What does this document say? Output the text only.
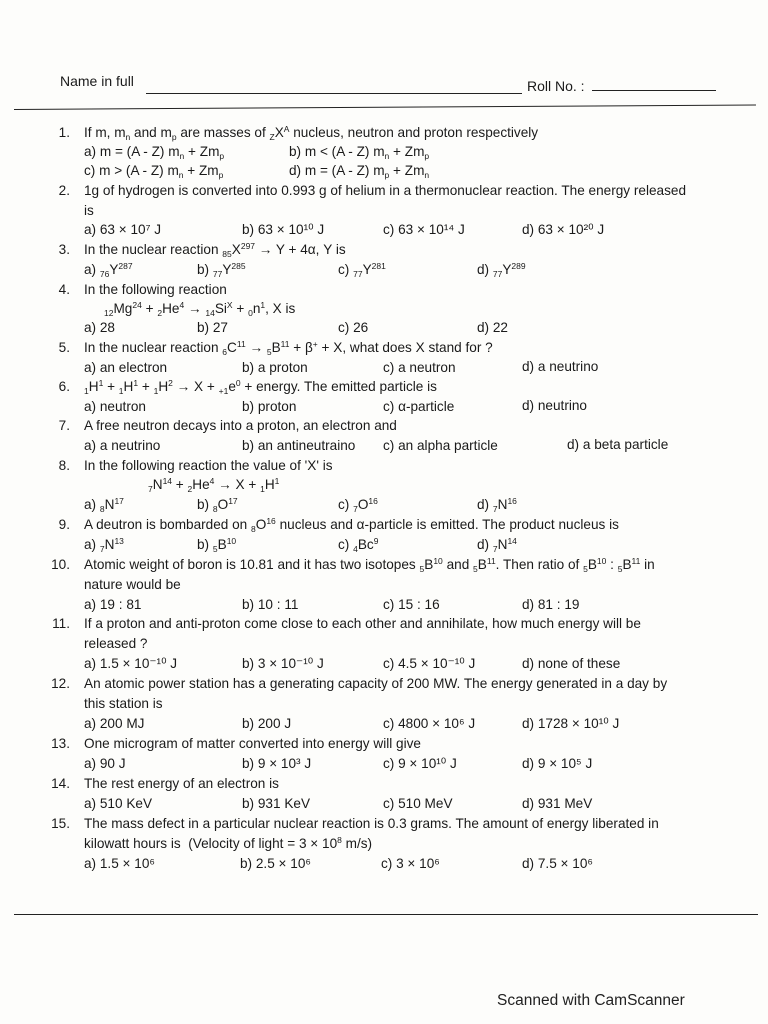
Name in full	Roll No. :
1. If m, $m_n$ and $m_p$ are masses of $_ZX^A$ nucleus, neutron and proton respectively
a) m = (A - Z) $m_n + Zm_p$	b) m < (A - Z) $m_n + Zm_p$
c) m > (A - Z) $m_n + Zm_p$	d) m = (A - Z) $m_p + Zm_n$
2. 1g of hydrogen is converted into 0.993 g of helium in a thermonuclear reaction. The energy released
is
a) 63 × 10⁷ J	b) 63 × 10¹⁰ J	c) 63 × 10¹⁴ J	d) 63 × 10²⁰ J
3. In the nuclear reaction $_{85}X^{297} \to Y + 4\alpha$, Y is
a) $_{76}Y^{287}$	b) $_{77}Y^{285}$	c) $_{77}Y^{281}$	d) $_{77}Y^{289}$
4. In the following reaction
$_{12}Mg^{24} + _2He^4 \to _{14}Si^X + _0n^1$, X is
a) 28	b) 27	c) 26	d) 22
5. In the nuclear reaction $_6C^{11} \to _5B^{11} + \beta^+ + X$, what does X stand for ?
a) an electron	b) a proton	c) a neutron	d) a neutrino
6. $_1H^1 + _1H^1 + _1H^2 \to X + _{+1}e^0$ + energy. The emitted particle is
a) neutron	b) proton	c) α-particle	d) neutrino
7. A free neutron decays into a proton, an electron and
a) a neutrino	b) an antineutraino c) an alpha particle	d) a beta particle
8. In the following reaction the value of 'X' is
$_7N^{14} + _2He^4 \to X + _1H^1$
a) $_8N^{17}$	b) $_8O^{17}$	c) $_7O^{16}$	d) $_7N^{16}$
9. A deutron is bombarded on $_8O^{16}$ nucleus and α-particle is emitted. The product nucleus is
a) $_7N^{13}$	b) $_5B^{10}$	c) $_4Bc^9$	d) $_7N^{14}$
10. Atomic weight of boron is 10.81 and it has two isotopes $_5B^{10}$ and $_5B^{11}$. Then ratio of $_5B^{10}$ : $_5B^{11}$ in
nature would be
a) 19 : 81	b) 10 : 11	c) 15 : 16	d) 81 : 19
11. If a proton and anti-proton come close to each other and annihilate, how much energy will be
released ?
a) 1.5 × 10⁻¹⁰ J	b) 3 × 10⁻¹⁰ J	c) 4.5 × 10⁻¹⁰ J	d) none of these
12. An atomic power station has a generating capacity of 200 MW. The energy generated in a day by
this station is
a) 200 MJ	b) 200 J	c) 4800 × 10⁶ J	d) 1728 × 10¹⁰ J
13. One microgram of matter converted into energy will give
a) 90 J	b) 9 × 10³ J	c) 9 × 10¹⁰ J	d) 9 × 10⁵ J
14. The rest energy of an electron is
a) 510 KeV	b) 931 KeV	c) 510 MeV	d) 931 MeV
15. The mass defect in a particular nuclear reaction is 0.3 grams. The amount of energy liberated in
kilowatt hours is  (Velocity of light = $3 \times 10^8$ m/s)
a) 1.5 × 10⁶	b) 2.5 × 10⁶	c) 3 × 10⁶	d) 7.5 × 10⁶
Scanned with CamScanner
